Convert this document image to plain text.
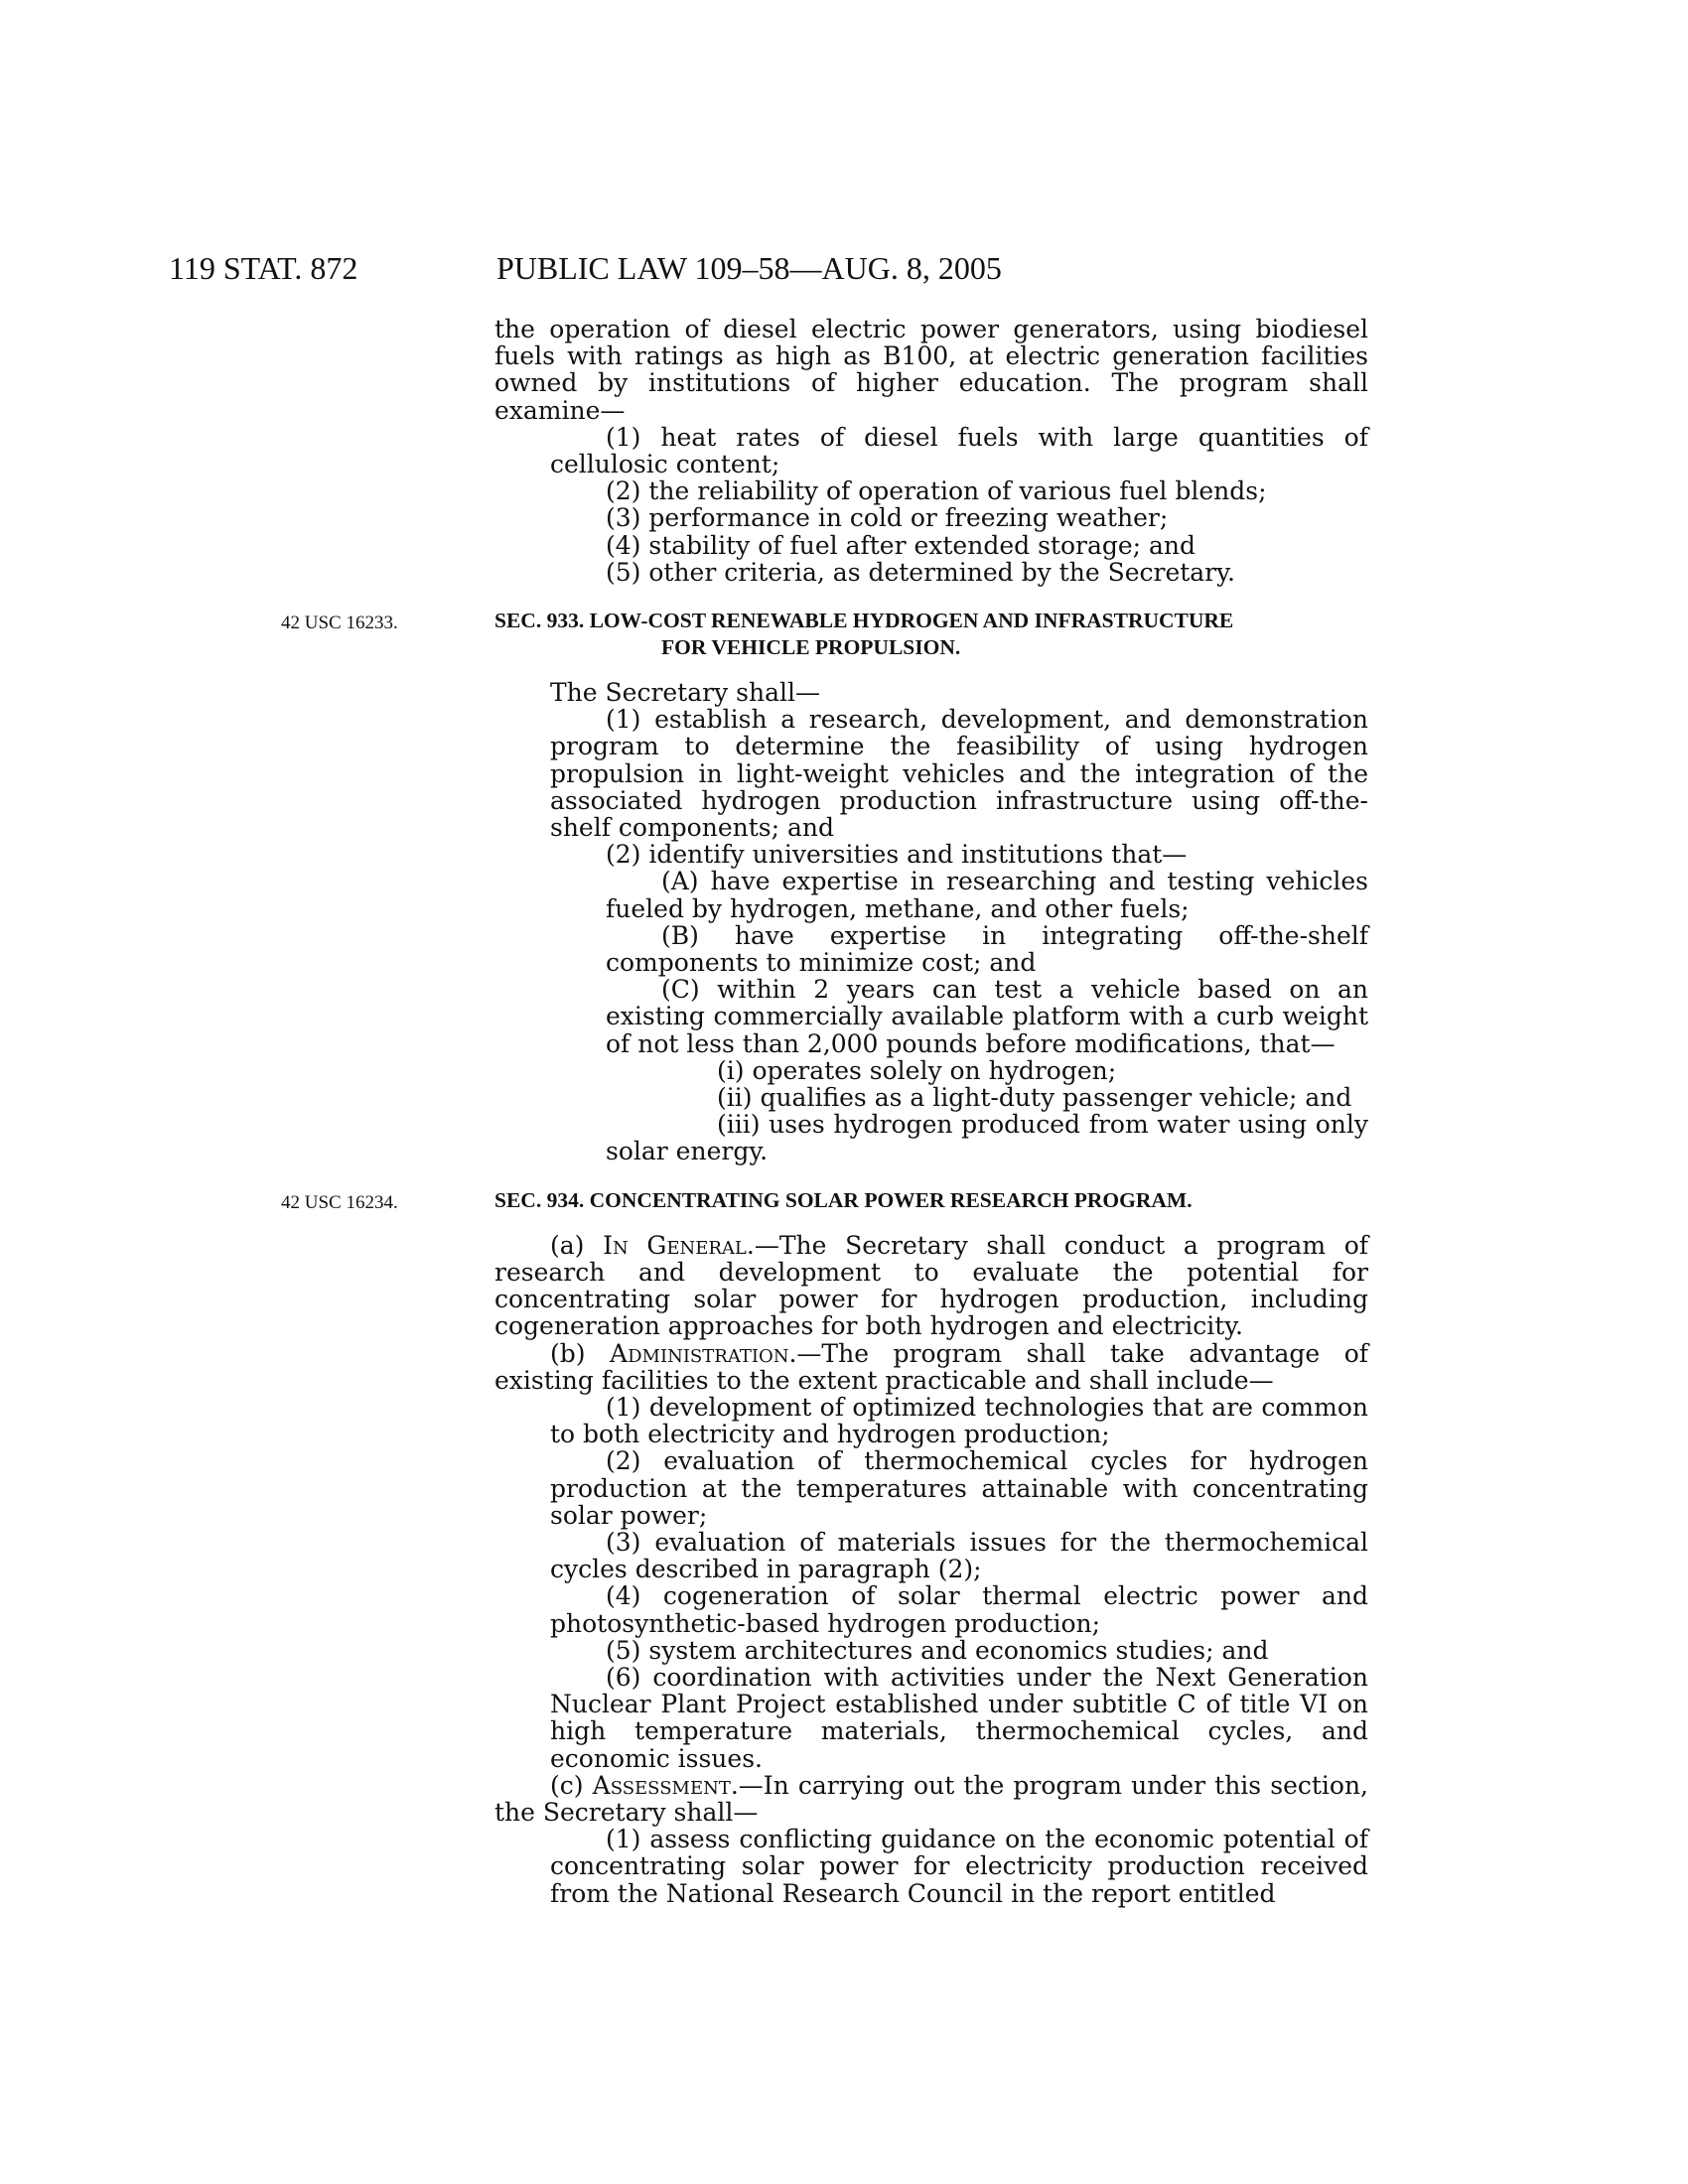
119 STAT. 872	PUBLIC LAW 109–58—AUG. 8, 2005

the operation of diesel electric power generators, using biodiesel fuels with ratings as high as B100, at electric generation facilities owned by institutions of higher education. The program shall examine—

(1) heat rates of diesel fuels with large quantities of cellulosic content;

(2) the reliability of operation of various fuel blends;

(3) performance in cold or freezing weather;

(4) stability of fuel after extended storage; and

(5) other criteria, as determined by the Secretary.

42 USC 16233.	SEC. 933. LOW-COST RENEWABLE HYDROGEN AND INFRASTRUCTURE
FOR VEHICLE PROPULSION.

The Secretary shall—

(1) establish a research, development, and demonstration program to determine the feasibility of using hydrogen propulsion in light-weight vehicles and the integration of the associated hydrogen production infrastructure using off-the-shelf components; and

(2) identify universities and institutions that—

(A) have expertise in researching and testing vehicles fueled by hydrogen, methane, and other fuels;

(B) have expertise in integrating off-the-shelf components to minimize cost; and

(C) within 2 years can test a vehicle based on an existing commercially available platform with a curb weight of not less than 2,000 pounds before modifications, that—

(i) operates solely on hydrogen;

(ii) qualifies as a light-duty passenger vehicle; and

(iii) uses hydrogen produced from water using only solar energy.

42 USC 16234.	SEC. 934. CONCENTRATING SOLAR POWER RESEARCH PROGRAM.

(a) In General.—The Secretary shall conduct a program of research and development to evaluate the potential for concentrating solar power for hydrogen production, including cogeneration approaches for both hydrogen and electricity.

(b) Administration.—The program shall take advantage of existing facilities to the extent practicable and shall include—

(1) development of optimized technologies that are common to both electricity and hydrogen production;

(2) evaluation of thermochemical cycles for hydrogen production at the temperatures attainable with concentrating solar power;

(3) evaluation of materials issues for the thermochemical cycles described in paragraph (2);

(4) cogeneration of solar thermal electric power and photosynthetic-based hydrogen production;

(5) system architectures and economics studies; and

(6) coordination with activities under the Next Generation Nuclear Plant Project established under subtitle C of title VI on high temperature materials, thermochemical cycles, and economic issues.

(c) Assessment.—In carrying out the program under this section, the Secretary shall—

(1) assess conflicting guidance on the economic potential of concentrating solar power for electricity production received from the National Research Council in the report entitled
